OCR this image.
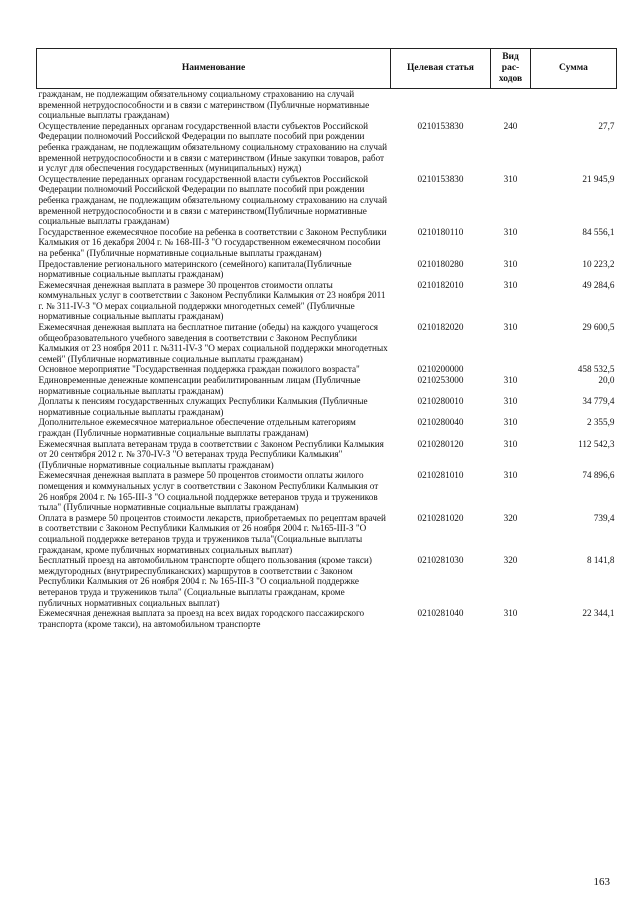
Наименование	Целевая статья	Вид рас-ходов	Сумма
гражданам, не подлежащим обязательному социальному страхованию на случай временной нетрудоспособности и в связи с материнством (Публичные нормативные социальные выплаты гражданам)			
Осуществление переданных органам государственной власти субъектов Российской Федерации полномочий Российской Федерации по выплате пособий при рождении ребенка гражданам, не подлежащим обязательному социальному страхованию на случай временной нетрудоспособности и в связи с материнством (Иные закупки товаров, работ и услуг для обеспечения государственных (муниципальных) нужд)	0210153830	240	27,7
Осуществление переданных органам государственной власти субъектов Российской Федерации полномочий Российской Федерации по выплате пособий при рождении ребенка гражданам, не подлежащим обязательному социальному страхованию на случай временной нетрудоспособности и в связи с материнством(Публичные нормативные социальные выплаты гражданам)	0210153830	310	21 945,9
Государственное ежемесячное пособие на ребенка в соответствии с Законом Республики Калмыкия от 16 декабря 2004 г. № 168-III-З "О государственном ежемесячном пособии на ребенка" (Публичные нормативные социальные выплаты гражданам)	0210180110	310	84 556,1
Предоставление регионального материнского (семейного) капитала(Публичные нормативные социальные выплаты гражданам)	0210180280	310	10 223,2
Ежемесячная денежная выплата в размере 30 процентов стоимости оплаты коммунальных услуг в соответствии с Законом Республики Калмыкия от 23 ноября 2011 г. № 311-IV-З "О мерах социальной поддержки многодетных семей" (Публичные нормативные социальные выплаты гражданам)	0210182010	310	49 284,6
Ежемесячная денежная выплата на бесплатное питание (обеды) на каждого учащегося общеобразовательного учебного заведения в соответствии с Законом Республики Калмыкия от 23 ноября 2011 г. №311-IV-З "О мерах социальной поддержки многодетных семей" (Публичные нормативные социальные выплаты гражданам)	0210182020	310	29 600,5
Основное мероприятие "Государственная поддержка граждан пожилого возраста"	0210200000		458 532,5
Единовременные денежные компенсации реабилитированным лицам (Публичные нормативные социальные выплаты гражданам)	0210253000	310	20,0
Доплаты к пенсиям государственных служащих Республики Калмыкия (Публичные нормативные социальные выплаты гражданам)	0210280010	310	34 779,4
Дополнительное ежемесячное материальное обеспечение отдельным категориям граждан (Публичные нормативные социальные выплаты гражданам)	0210280040	310	2 355,9
Ежемесячная выплата ветеранам труда в соответствии с Законом Республики Калмыкия от 20 сентября 2012 г. № 370-IV-З "О ветеранах труда Республики Калмыкия" (Публичные нормативные социальные выплаты гражданам)	0210280120	310	112 542,3
Ежемесячная денежная выплата в размере 50 процентов стоимости оплаты жилого помещения и коммунальных услуг в соответствии с Законом Республики Калмыкия от 26 ноября 2004 г. № 165-III-З "О социальной поддержке ветеранов труда и тружеников тыла" (Публичные нормативные социальные выплаты гражданам)	0210281010	310	74 896,6
Оплата в размере 50 процентов стоимости лекарств, приобретаемых по рецептам врачей в соответствии с Законом Республики Калмыкия от 26 ноября 2004 г. №165-III-З "О социальной поддержке ветеранов труда и тружеников тыла"(Социальные выплаты гражданам, кроме публичных нормативных социальных выплат)	0210281020	320	739,4
Бесплатный проезд на автомобильном транспорте общего пользования (кроме такси) междугородных (внутриреспубликанских) маршрутов в соответствии с Законом Республики Калмыкия от 26 ноября 2004 г. № 165-III-З "О социальной поддержке ветеранов труда и тружеников тыла" (Социальные выплаты гражданам, кроме публичных нормативных социальных выплат)	0210281030	320	8 141,8
Ежемесячная денежная выплата за проезд на всех видах городского пассажирского транспорта (кроме такси), на автомобильном транспорте	0210281040	310	22 344,1
163
